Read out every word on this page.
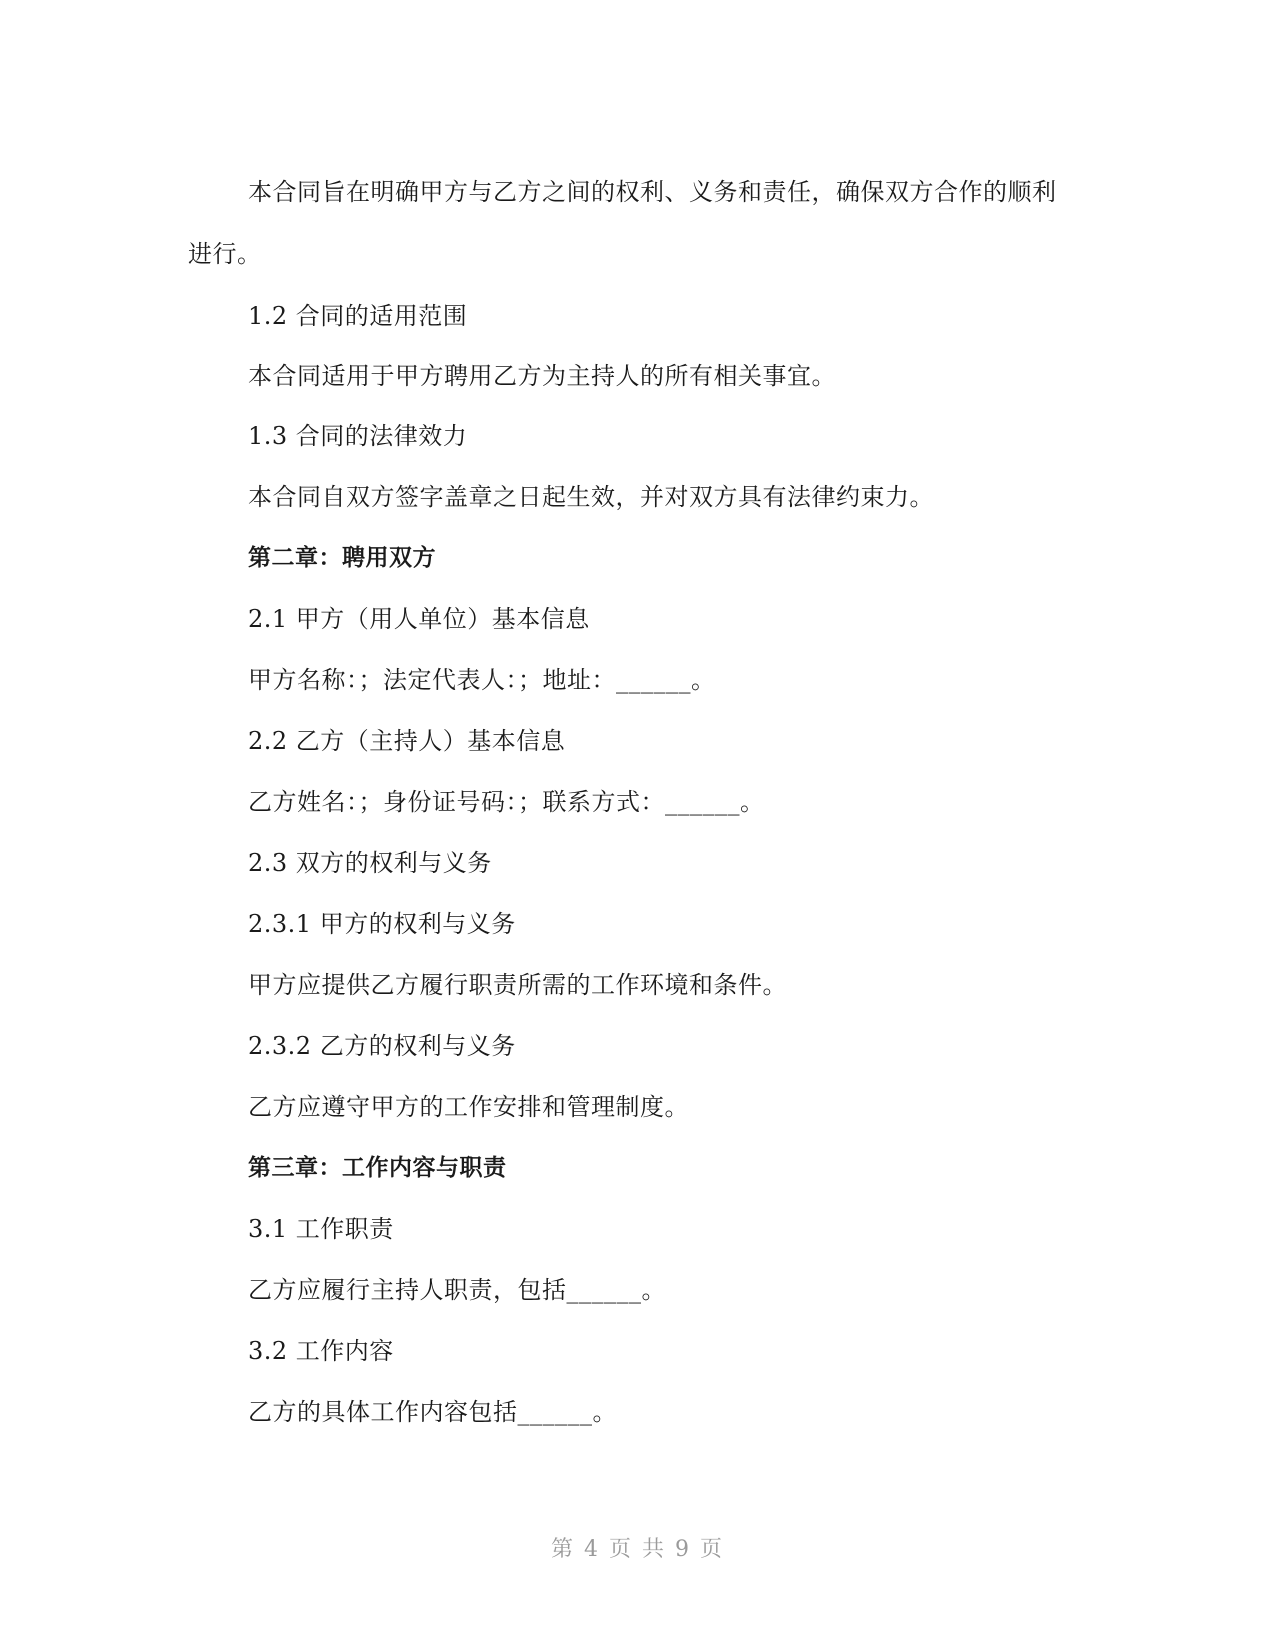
本合同旨在明确甲方与乙方之间的权利、义务和责任，确保双方合作的顺利
进行。
1.2 合同的适用范围
本合同适用于甲方聘用乙方为主持人的所有相关事宜。
1.3 合同的法律效力
本合同自双方签字盖章之日起生效，并对双方具有法律约束力。
第二章：聘用双方
2.1 甲方（用人单位）基本信息
甲方名称：；法定代表人：；地址：______。
2.2 乙方（主持人）基本信息
乙方姓名：；身份证号码：；联系方式：______。
2.3 双方的权利与义务
2.3.1 甲方的权利与义务
甲方应提供乙方履行职责所需的工作环境和条件。
2.3.2 乙方的权利与义务
乙方应遵守甲方的工作安排和管理制度。
第三章：工作内容与职责
3.1 工作职责
乙方应履行主持人职责，包括______。
3.2 工作内容
乙方的具体工作内容包括______。
第 4 页 共 9 页
